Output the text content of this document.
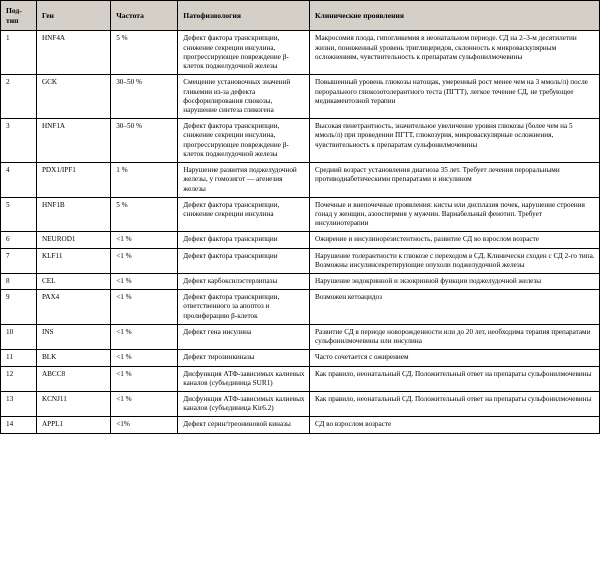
Под-
тип	Ген	Частота	Патофизиология	Клинические проявления
1	HNF4A	5 %	Дефект фактора транскрипции, снижение секреции инсулина, прогрессирующее повреждение β-клеток поджелудочной железы	Макросомия плода, гипогликемия в неонатальном периоде. СД на 2–3-м десятилетии жизни, пониженный уровень триглицеридов, склонность к микроваскулярным осложнениям, чувствительность к препаратам сульфонилмочевины
2	GCK	30–50 %	Смещение установочных значений гликемии из-за дефекта фосфорилирования глюкозы, нарушение синтеза гликогена	Повышенный уровень глюкозы натощак, умеренный рост менее чем на 3 ммоль/л) после перорального глюкозотолерантного теста (ПГТТ), легкое течение СД, не требующее медикаментозной терапии
3	HNF1A	30–50 %	Дефект фактора транскрипции, снижение секреции инсулина, прогрессирующее повреждение β-клеток поджелудочной железы	Высокая пенетрантность, значительное увеличение уровня глюкозы (более чем на 5 ммоль/л) при проведении ПГТТ, глюкозурия, микроваскулярные осложнения, чувствительность к препаратам сульфонилмочевины
4	PDX1/IPF1	1 %	Нарушение развития поджелудочной железы, у гомозигот — агенезия железы	Средний возраст установления диагноза 35 лет. Требует лечения пероральными противодиабетическими препаратами и инсулином
5	HNF1B	5 %	Дефект фактора транскрипции, снижение секреции инсулина	Почечные и внепочечные проявления: кисты или дисплазия почек, нарушение строения гонад у женщин, азооспермия у мужчин. Вариабельный фенотип. Требует инсулинотерапии
6	NEUROD1	<1 %	Дефект фактора транскрипции	Ожирение и инсулинорезистентность, развитие СД во взрослом возрасте
7	KLF11	<1 %	Дефект фактора транскрипции	Нарушение толерантности к глюкозе с переходом в СД. Клинически сходен с СД 2-го типа. Возможны инсулинсекретирующие опухоли поджелудочной железы
8	CEL	<1 %	Дефект карбоксилэстерлипазы	Нарушение эндокринной и экзокринной функции поджелудочной железы
9	PAX4	<1 %	Дефект фактора транскрипции, ответственного за апоптоз и пролиферацию β-клеток	Возможен кетоацидоз
10	INS	<1 %	Дефект гена инсулина	Развитие СД в периоде новорожденности или до 20 лет, необходима терапия препаратами сульфонилмочевины или инсулина
11	BLK	<1 %	Дефект тирозинкиназы	Часто сочетается с ожирением
12	ABCC8	<1 %	Дисфункция АТФ-зависимых калиевых каналов (субъединица SUR1)	Как правило, неонатальный СД. Положительный ответ на препараты сульфонилмочевины
13	KCNJ11	<1 %	Дисфункция АТФ-зависимых калиевых каналов (субъединица Kir6.2)	Как правило, неонатальный СД. Положительный ответ на препараты сульфонилмочевины
14	APPL1	<1%	Дефект серин/треониновой киназы	СД во взрослом возрасте
